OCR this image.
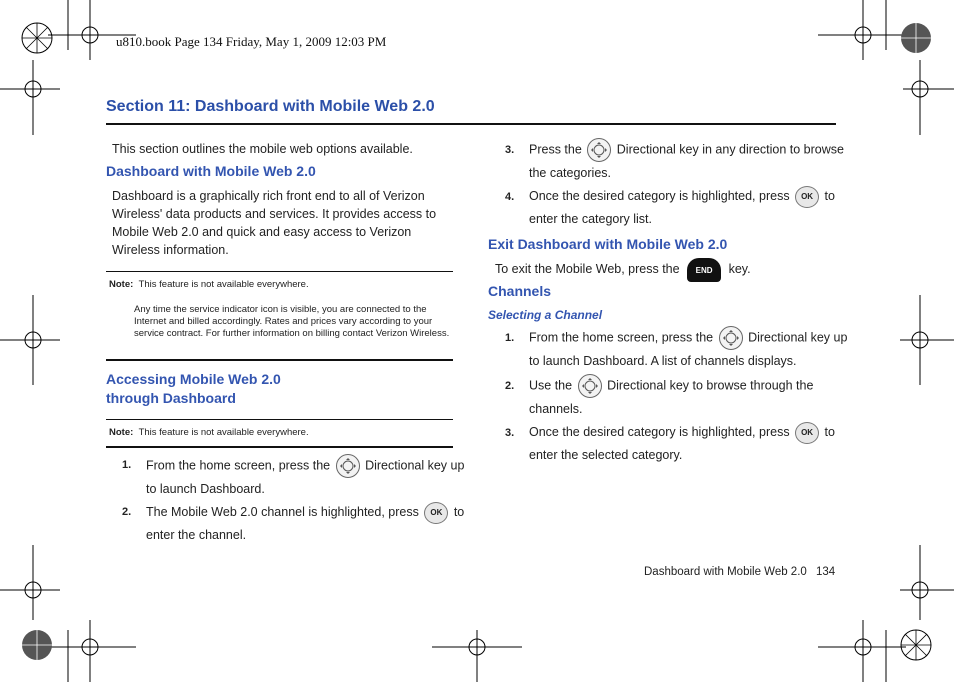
u810.book Page 134 Friday, May 1, 2009 12:03 PM
Section 11: Dashboard with Mobile Web 2.0
This section outlines the mobile web options available.
Dashboard with Mobile Web 2.0
Dashboard is a graphically rich front end to all of Verizon Wireless' data products and services. It provides access to Mobile Web 2.0 and quick and easy access to Verizon Wireless information.
Note: This feature is not available everywhere.
Any time the service indicator icon is visible, you are connected to the Internet and billed accordingly. Rates and prices vary according to your service contract. For further information on billing contact Verizon Wireless.
Accessing Mobile Web 2.0
through Dashboard
Note: This feature is not available everywhere.
1. From the home screen, press the	Directional key up
to launch Dashboard.
2. The Mobile Web 2.0 channel is highlighted, press OK to
enter the channel.
3. Press the	Directional key in any direction to browse
the categories.
4. Once the desired category is highlighted, press OK to
enter the category list.
Exit Dashboard with Mobile Web 2.0
To exit the Mobile Web, press the END key.
Channels
Selecting a Channel
1. From the home screen, press the	Directional key up
to launch Dashboard. A list of channels displays.
2. Use the	Directional key to browse through the
channels.
3. Once the desired category is highlighted, press OK to
enter the selected category.
Dashboard with Mobile Web 2.0 134
